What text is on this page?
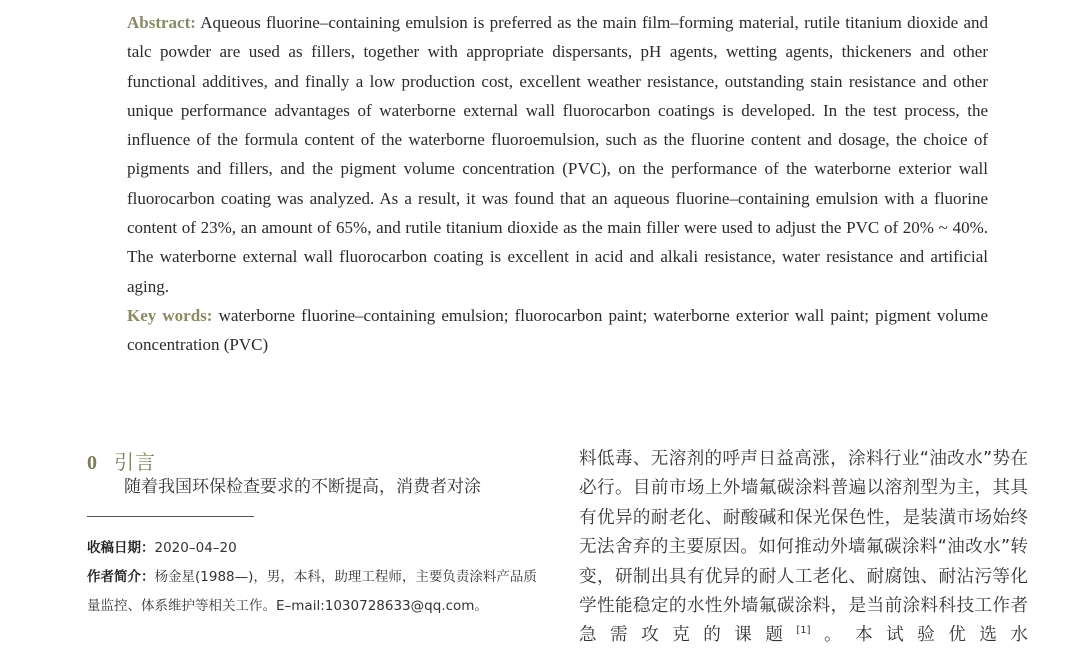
Abstract: Aqueous fluorine–containing emulsion is preferred as the main film–forming material, rutile titanium dioxide and talc powder are used as fillers, together with appropriate dispersants, pH agents, wetting agents, thickeners and other functional additives, and finally a low production cost, excellent weather resistance, outstanding stain resistance and other unique performance advantages of waterborne external wall fluorocarbon coatings is developed. In the test process, the influence of the formula content of the waterborne fluoroemulsion, such as the fluorine content and dosage, the choice of pigments and fillers, and the pigment volume concentration (PVC), on the performance of the waterborne exterior wall fluorocarbon coating was analyzed. As a result, it was found that an aqueous fluorine–containing emulsion with a fluorine content of 23%, an amount of 65%, and rutile titanium dioxide as the main filler were used to adjust the PVC of 20% ~ 40%. The waterborne external wall fluorocarbon coating is excellent in acid and alkali resistance, water resistance and artificial aging.

Key words: waterborne fluorine–containing emulsion; fluorocarbon paint; waterborne exterior wall paint; pigment volume concentration (PVC)

0 引言
随着我国环保检查要求的不断提高，消费者对涂

收稿日期：2020–04–20

作者简介：杨金星(1988—)，男，本科，助理工程师，主要负责涂料产品质量监控、体系维护等相关工作。E–mail:1030728633@qq.com。

料低毒、无溶剂的呼声日益高涨，涂料行业“油改水”势在必行。目前市场上外墙氟碳涂料普遍以溶剂型为主，其具有优异的耐老化、耐酸碱和保光保色性，是装潢市场始终无法舍弃的主要原因。如何推动外墙氟碳涂料“油改水”转变，研制出具有优异的耐人工老化、耐腐蚀、耐沾污等化学性能稳定的水性外墙氟碳涂料，是当前涂料科技工作者急需攻克的课题[1]。本试验优选水
